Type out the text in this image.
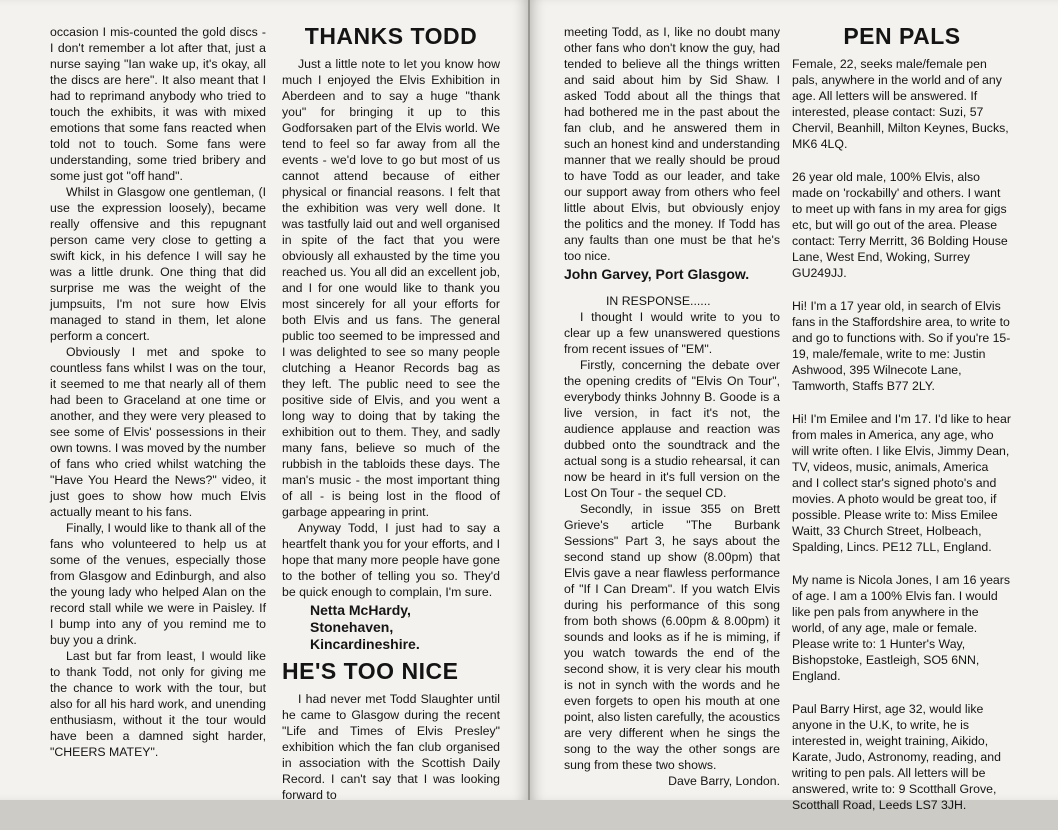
occasion I mis-counted the gold discs - I don't remember a lot after that, just a nurse saying "Ian wake up, it's okay, all the discs are here". It also meant that I had to reprimand anybody who tried to touch the exhibits, it was with mixed emotions that some fans reacted when told not to touch. Some fans were understanding, some tried bribery and some just got "off hand".

Whilst in Glasgow one gentleman, (I use the expression loosely), became really offensive and this repugnant person came very close to getting a swift kick, in his defence I will say he was a little drunk. One thing that did surprise me was the weight of the jumpsuits, I'm not sure how Elvis managed to stand in them, let alone perform a concert.

Obviously I met and spoke to countless fans whilst I was on the tour, it seemed to me that nearly all of them had been to Graceland at one time or another, and they were very pleased to see some of Elvis' possessions in their own towns. I was moved by the number of fans who cried whilst watching the "Have You Heard the News?" video, it just goes to show how much Elvis actually meant to his fans.

Finally, I would like to thank all of the fans who volunteered to help us at some of the venues, especially those from Glasgow and Edinburgh, and also the young lady who helped Alan on the record stall while we were in Paisley. If I bump into any of you remind me to buy you a drink.

Last but far from least, I would like to thank Todd, not only for giving me the chance to work with the tour, but also for all his hard work, and unending enthusiasm, without it the tour would have been a damned sight harder, "CHEERS MATEY".

THANKS TODD

Just a little note to let you know how much I enjoyed the Elvis Exhibition in Aberdeen and to say a huge "thank you" for bringing it up to this Godforsaken part of the Elvis world. We tend to feel so far away from all the events - we'd love to go but most of us cannot attend because of either physical or financial reasons. I felt that the exhibition was very well done. It was tastfully laid out and well organised in spite of the fact that you were obviously all exhausted by the time you reached us. You all did an excellent job, and I for one would like to thank you most sincerely for all your efforts for both Elvis and us fans. The general public too seemed to be impressed and I was delighted to see so many people clutching a Heanor Records bag as they left. The public need to see the positive side of Elvis, and you went a long way to doing that by taking the exhibition out to them. They, and sadly many fans, believe so much of the rubbish in the tabloids these days. The man's music - the most important thing of all - is being lost in the flood of garbage appearing in print.

Anyway Todd, I just had to say a heartfelt thank you for your efforts, and I hope that many more people have gone to the bother of telling you so. They'd be quick enough to complain, I'm sure.

Netta McHardy,
Stonehaven,
Kincardineshire.
HE'S TOO NICE

I had never met Todd Slaughter until he came to Glasgow during the recent "Life and Times of Elvis Presley" exhibition which the fan club organised in association with the Scottish Daily Record. I can't say that I was looking forward to

meeting Todd, as I, like no doubt many other fans who don't know the guy, had tended to believe all the things written and said about him by Sid Shaw. I asked Todd about all the things that had bothered me in the past about the fan club, and he answered them in such an honest kind and understanding manner that we really should be proud to have Todd as our leader, and take our support away from others who feel little about Elvis, but obviously enjoy the politics and the money. If Todd has any faults than one must be that he's too nice.

John Garvey, Port Glasgow.

IN RESPONSE......

I thought I would write to you to clear up a few unanswered questions from recent issues of "EM".

Firstly, concerning the debate over the opening credits of "Elvis On Tour", everybody thinks Johnny B. Goode is a live version, in fact it's not, the audience applause and reaction was dubbed onto the soundtrack and the actual song is a studio rehearsal, it can now be heard in it's full version on the Lost On Tour - the sequel CD.

Secondly, in issue 355 on Brett Grieve's article "The Burbank Sessions" Part 3, he says about the second stand up show (8.00pm) that Elvis gave a near flawless performance of "If I Can Dream". If you watch Elvis during his performance of this song from both shows (6.00pm & 8.00pm) it sounds and looks as if he is miming, if you watch towards the end of the second show, it is very clear his mouth is not in synch with the words and he even forgets to open his mouth at one point, also listen carefully, the acoustics are very different when he sings the song to the way the other songs are sung from these two shows.

Dave Barry, London.

PEN PALS

Female, 22, seeks male/female pen pals, anywhere in the world and of any age. All letters will be answered. If interested, please contact: Suzi, 57 Chervil, Beanhill, Milton Keynes, Bucks, MK6 4LQ.

26 year old male, 100% Elvis, also made on 'rockabilly' and others. I want to meet up with fans in my area for gigs etc, but will go out of the area. Please contact: Terry Merritt, 36 Bolding House Lane, West End, Woking, Surrey GU249JJ.

Hi! I'm a 17 year old, in search of Elvis fans in the Staffordshire area, to write to and go to functions with. So if you're 15-19, male/female, write to me: Justin Ashwood, 395 Wilnecote Lane, Tamworth, Staffs B77 2LY.

Hi! I'm Emilee and I'm 17. I'd like to hear from males in America, any age, who will write often. I like Elvis, Jimmy Dean, TV, videos, music, animals, America and I collect star's signed photo's and movies. A photo would be great too, if possible. Please write to: Miss Emilee Waitt, 33 Church Street, Holbeach, Spalding, Lincs. PE12 7LL, England.

My name is Nicola Jones, I am 16 years of age. I am a 100% Elvis fan. I would like pen pals from anywhere in the world, of any age, male or female. Please write to: 1 Hunter's Way, Bishopstoke, Eastleigh, SO5 6NN, England.

Paul Barry Hirst, age 32, would like anyone in the U.K, to write, he is interested in, weight training, Aikido, Karate, Judo, Astronomy, reading, and writing to pen pals. All letters will be answered, write to: 9 Scotthall Grove, Scotthall Road, Leeds LS7 3JH.
